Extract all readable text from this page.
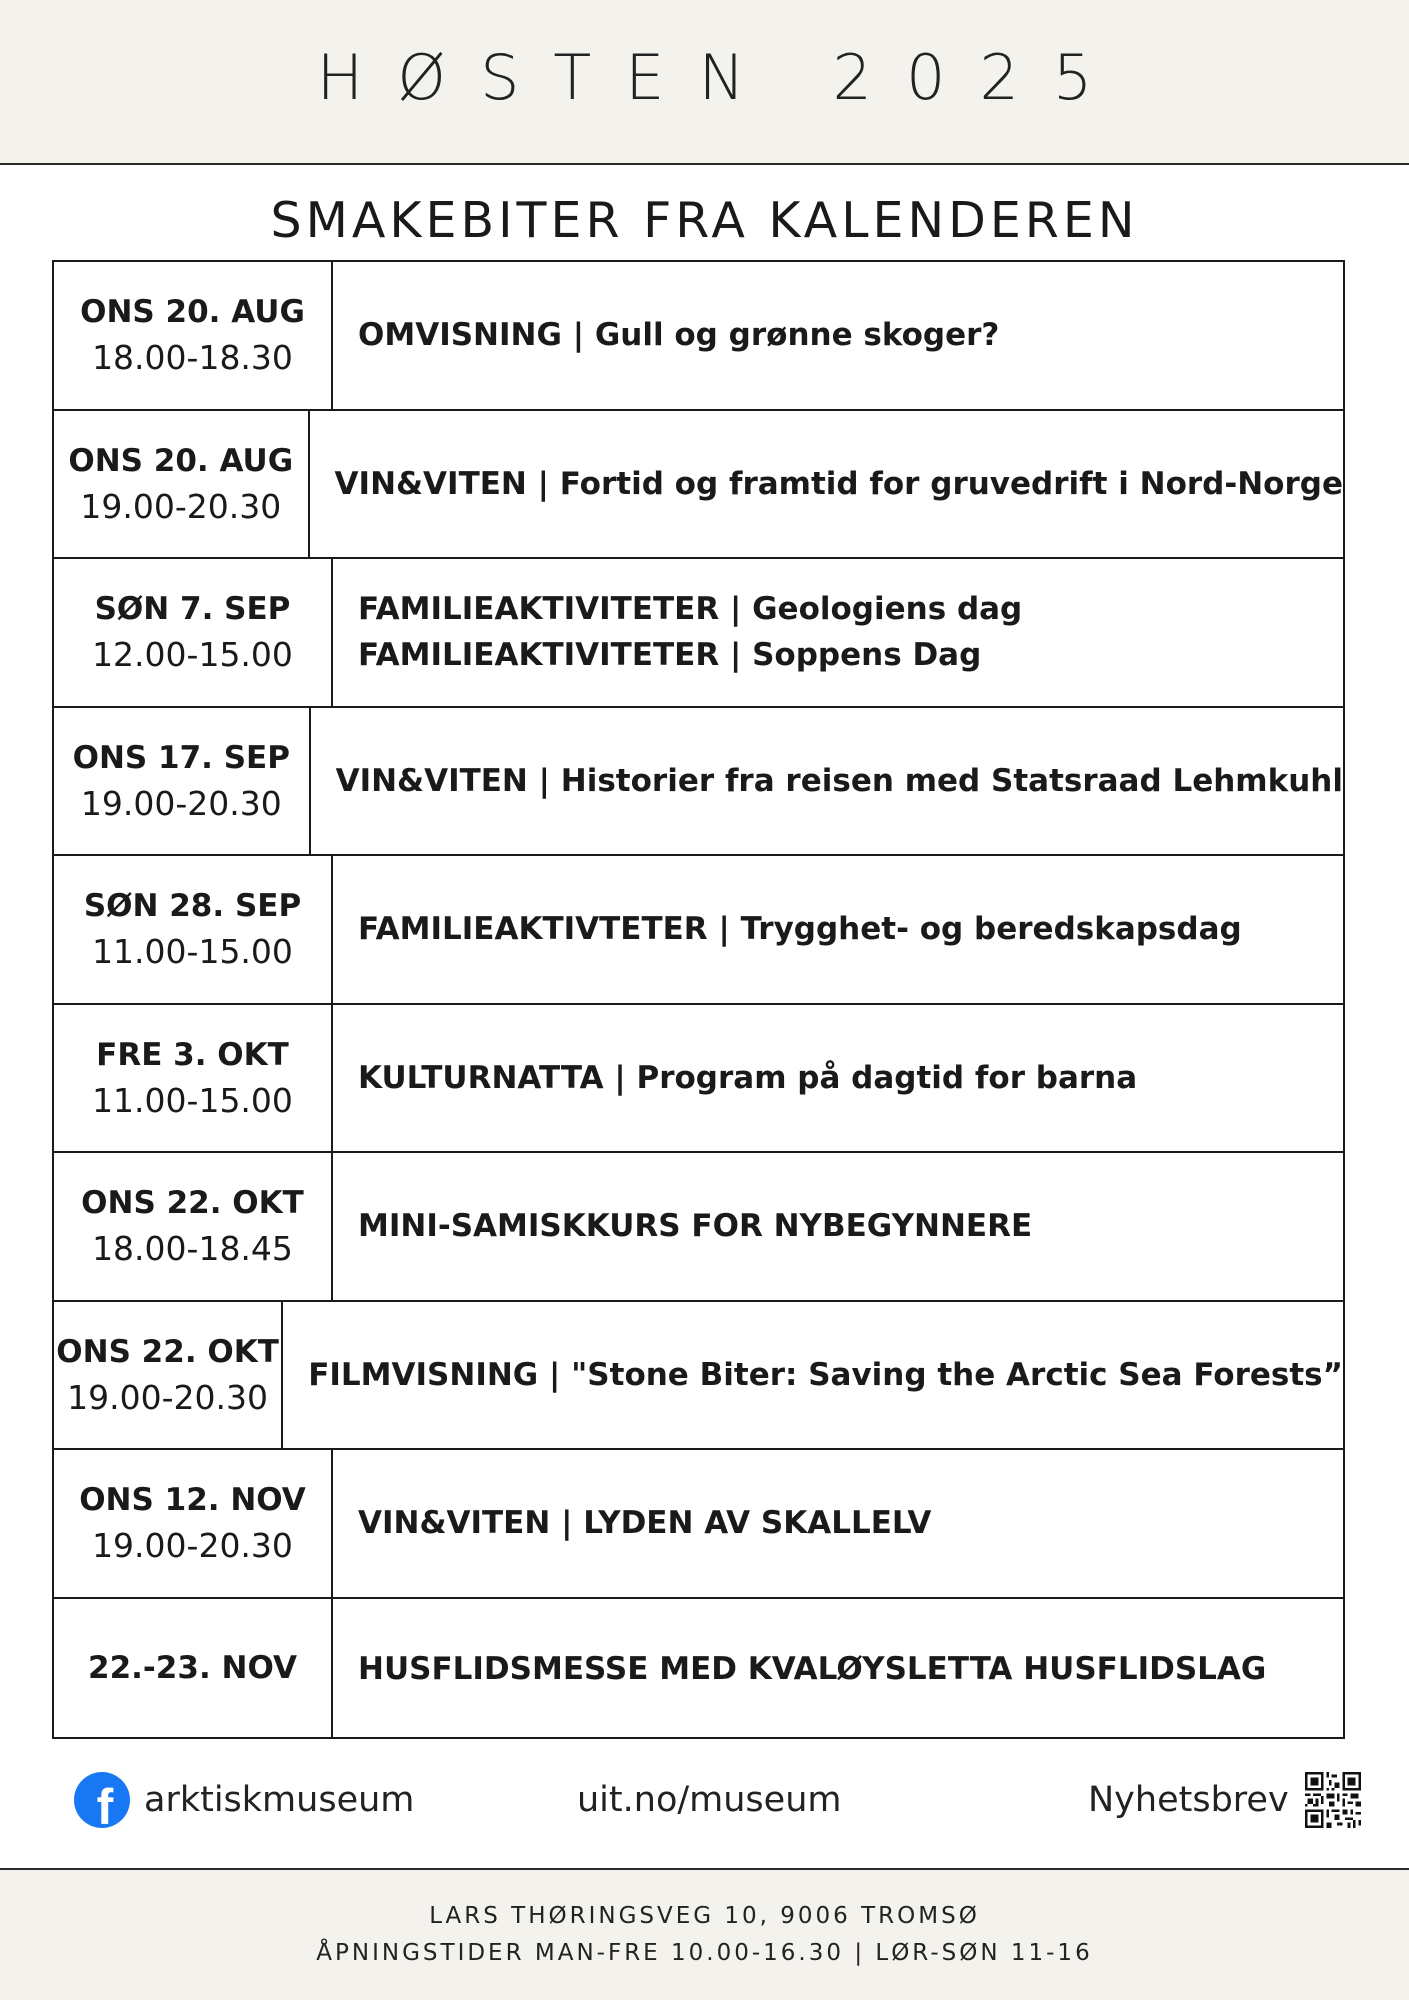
HØSTEN 2025
SMAKEBITER FRA KALENDEREN
ONS 20. AUG
18.00-18.30
OMVISNING | Gull og grønne skoger?
ONS 20. AUG
19.00-20.30
VIN&VITEN | Fortid og framtid for gruvedrift i Nord-Norge
SØN 7. SEP
12.00-15.00
FAMILIEAKTIVITETER | Geologiens dag
FAMILIEAKTIVITETER | Soppens Dag
ONS 17. SEP
19.00-20.30
VIN&VITEN | Historier fra reisen med Statsraad Lehmkuhl
SØN 28. SEP
11.00-15.00
FAMILIEAKTIVTETER | Trygghet- og beredskapsdag
FRE 3. OKT
11.00-15.00
KULTURNATTA | Program på dagtid for barna
ONS 22. OKT
18.00-18.45
MINI-SAMISKKURS FOR NYBEGYNNERE
ONS 22. OKT
19.00-20.30
FILMVISNING | "Stone Biter: Saving the Arctic Sea Forests”
ONS 12. NOV
19.00-20.30
VIN&VITEN | LYDEN AV SKALLELV
22.-23. NOV HUSFLIDSMESSE MED KVALØYSLETTA HUSFLIDSLAG
f arktiskmuseum	uit.no/museum	Nyhetsbrev
LARS THØRINGSVEG 10, 9006 TROMSØ
ÅPNINGSTIDER MAN-FRE 10.00-16.30 | LØR-SØN 11-16
